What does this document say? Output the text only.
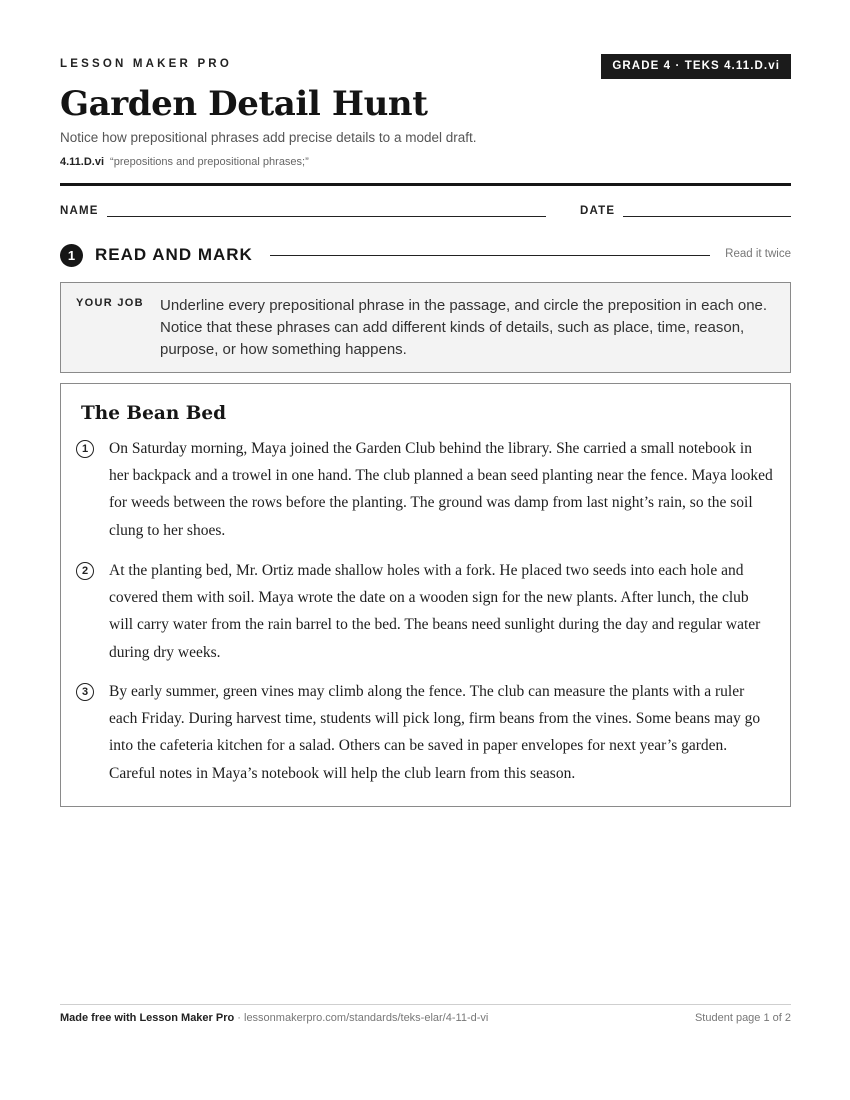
LESSON MAKER PRO	GRADE 4 · TEKS 4.11.D.vi
Garden Detail Hunt
Notice how prepositional phrases add precise details to a model draft.
4.11.D.vi “prepositions and prepositional phrases;”
NAME	DATE
1	READ AND MARK	Read it twice
YOUR JOB Underline every prepositional phrase in the passage, and circle the preposition in each one. Notice that these phrases can add different kinds of details, such as place, time, reason, purpose, or how something happens.
The Bean Bed
1	On Saturday morning, Maya joined the Garden Club behind the library. She carried a small notebook in her backpack and a trowel in one hand. The club planned a bean seed planting near the fence. Maya looked for weeds between the rows before the planting. The ground was damp from last night’s rain, so the soil clung to her shoes.

2	At the planting bed, Mr. Ortiz made shallow holes with a fork. He placed two seeds into each hole and covered them with soil. Maya wrote the date on a wooden sign for the new plants. After lunch, the club will carry water from the rain barrel to the bed. The beans need sunlight during the day and regular water during dry weeks.

3	By early summer, green vines may climb along the fence. The club can measure the plants with a ruler each Friday. During harvest time, students will pick long, firm beans from the vines. Some beans may go into the cafeteria kitchen for a salad. Others can be saved in paper envelopes for next year’s garden. Careful notes in Maya’s notebook will help the club learn from this season.

Made free with Lesson Maker Pro · lessonmakerpro.com/standards/teks-elar/4-11-d-vi	Student page 1 of 2
